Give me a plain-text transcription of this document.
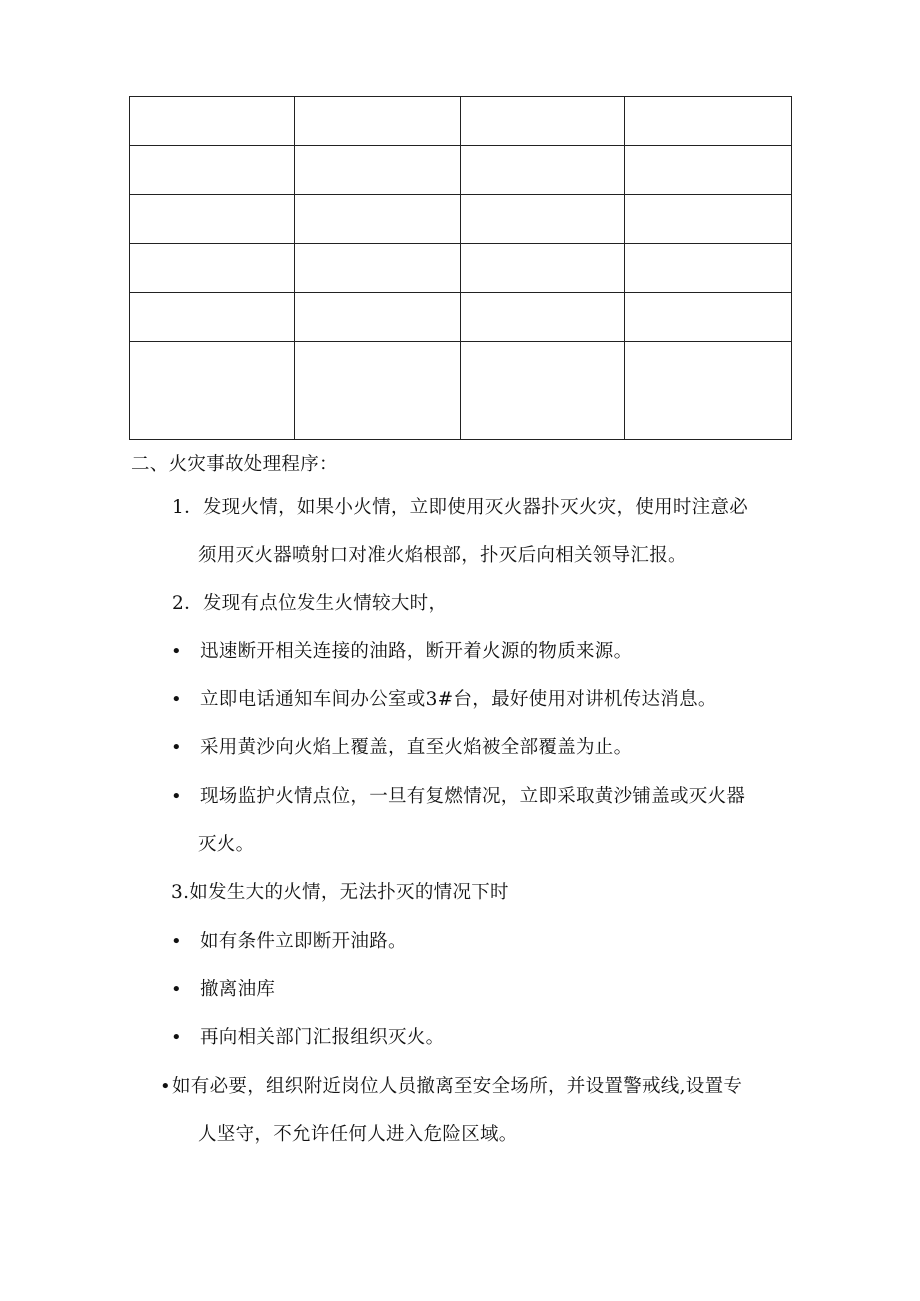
二、火灾事故处理程序：
1．发现火情，如果小火情，立即使用灭火器扑灭火灾，使用时注意必
须用灭火器喷射口对准火焰根部，扑灭后向相关领导汇报。
2．发现有点位发生火情较大时，
• 迅速断开相关连接的油路，断开着火源的物质来源。
• 立即电话通知车间办公室或3#台，最好使用对讲机传达消息。
• 采用黄沙向火焰上覆盖，直至火焰被全部覆盖为止。
• 现场监护火情点位，一旦有复燃情况，立即采取黄沙铺盖或灭火器
灭火。
3.如发生大的火情，无法扑灭的情况下时
• 如有条件立即断开油路。
• 撤离油库
• 再向相关部门汇报组织灭火。
• 如有必要，组织附近岗位人员撤离至安全场所，并设置警戒线,设置专
人坚守，不允许任何人进入危险区域。
